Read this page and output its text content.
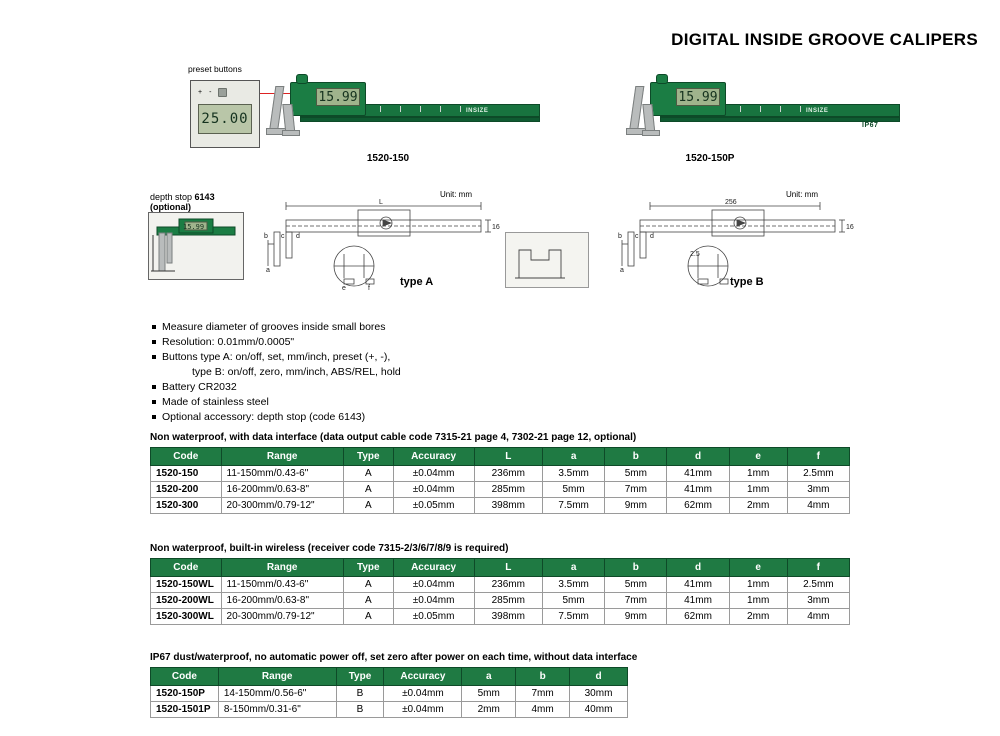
DIGITAL INSIDE GROOVE CALIPERS
preset buttons
+ -
25.00
15.99
INSIZE
1520-150
15.99
INSIZE
IP67
1520-150P
depth stop 6143
(optional)
15.99
Unit: mm
L
16
b c d
a
e	f
type A
Unit: mm
256
16
b c d
a
2.5
type B
Measure diameter of grooves inside small bores
Resolution: 0.01mm/0.0005"
Buttons type A: on/off, set, mm/inch, preset (+, -),
type B: on/off, zero, mm/inch, ABS/REL, hold
Battery CR2032
Made of stainless steel
Optional accessory: depth stop (code 6143)
Non waterproof, with data interface (data output cable code 7315-21 page 4, 7302-21 page 12, optional)
Code	Range	Type	Accuracy	L	a	b	d	e	f
1520-150	11-150mm/0.43-6"	A	±0.04mm	236mm	3.5mm	5mm	41mm	1mm	2.5mm
1520-200	16-200mm/0.63-8"	A	±0.04mm	285mm	5mm	7mm	41mm	1mm	3mm
1520-300	20-300mm/0.79-12"	A	±0.05mm	398mm	7.5mm	9mm	62mm	2mm	4mm
Non waterproof, built-in wireless (receiver code 7315-2/3/6/7/8/9 is required)
Code	Range	Type	Accuracy	L	a	b	d	e	f
1520-150WL	11-150mm/0.43-6"	A	±0.04mm	236mm	3.5mm	5mm	41mm	1mm	2.5mm
1520-200WL	16-200mm/0.63-8"	A	±0.04mm	285mm	5mm	7mm	41mm	1mm	3mm
1520-300WL	20-300mm/0.79-12"	A	±0.05mm	398mm	7.5mm	9mm	62mm	2mm	4mm
IP67 dust/waterproof, no automatic power off, set zero after power on each time, without data interface
Code	Range	Type	Accuracy	a	b	d
1520-150P	14-150mm/0.56-6"	B	±0.04mm	5mm	7mm	30mm
1520-1501P	8-150mm/0.31-6"	B	±0.04mm	2mm	4mm	40mm
